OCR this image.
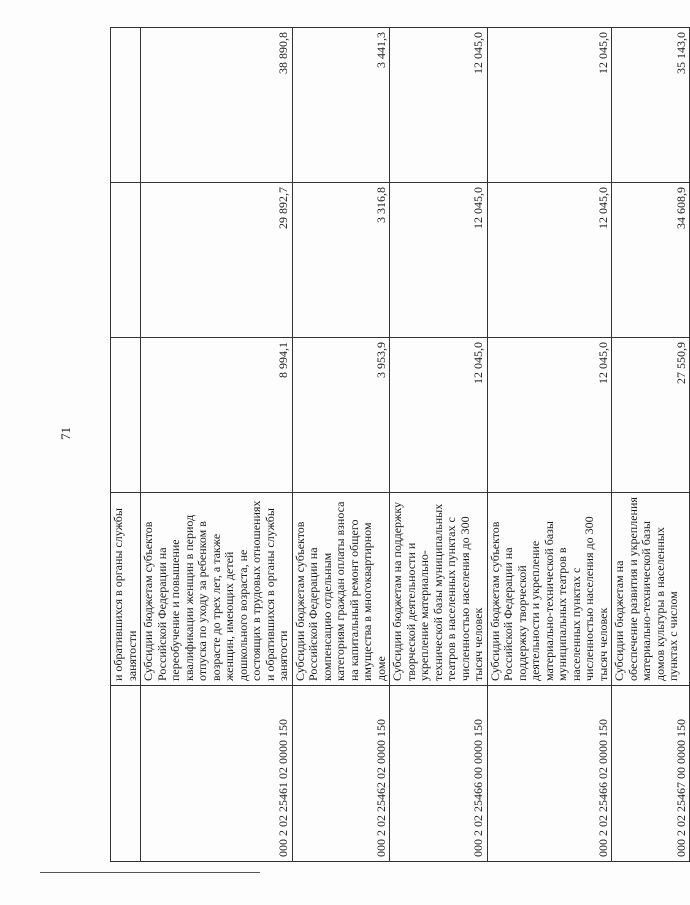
71
	и обратившихся в органы службы занятости			
000 2 02 25461 02 0000 150	Субсидии бюджетам субъектов Российской Федерации на переобучение и повышение квалификации женщин в период отпуска по уходу за ребенком в возрасте до трех лет, а также женщин, имеющих детей дошкольного возраста, не состоящих в трудовых отношениях и обратившихся в органы службы занятости	8 994,1	29 892,7	38 890,8
000 2 02 25462 02 0000 150	Субсидии бюджетам субъектов Российской Федерации на компенсацию отдельным категориям граждан оплаты взноса на капитальный ремонт общего имущества в многоквартирном доме	3 953,9	3 316,8	3 441,3
000 2 02 25466 00 0000 150	Субсидии бюджетам на поддержку творческой деятельности и укрепление материально-технической базы муниципальных театров в населенных пунктах с численностью населения до 300 тысяч человек	12 045,0	12 045,0	12 045,0
000 2 02 25466 02 0000 150	Субсидии бюджетам субъектов Российской Федерации на поддержку творческой деятельности и укрепление материально-технической базы муниципальных театров в населенных пунктах с численностью населения до 300 тысяч человек	12 045,0	12 045,0	12 045,0
000 2 02 25467 00 0000 150	Субсидии бюджетам на обеспечение развития и укрепления материально-технической базы домов культуры в населенных пунктах с числом	27 550,9	34 608,9	35 143,0
